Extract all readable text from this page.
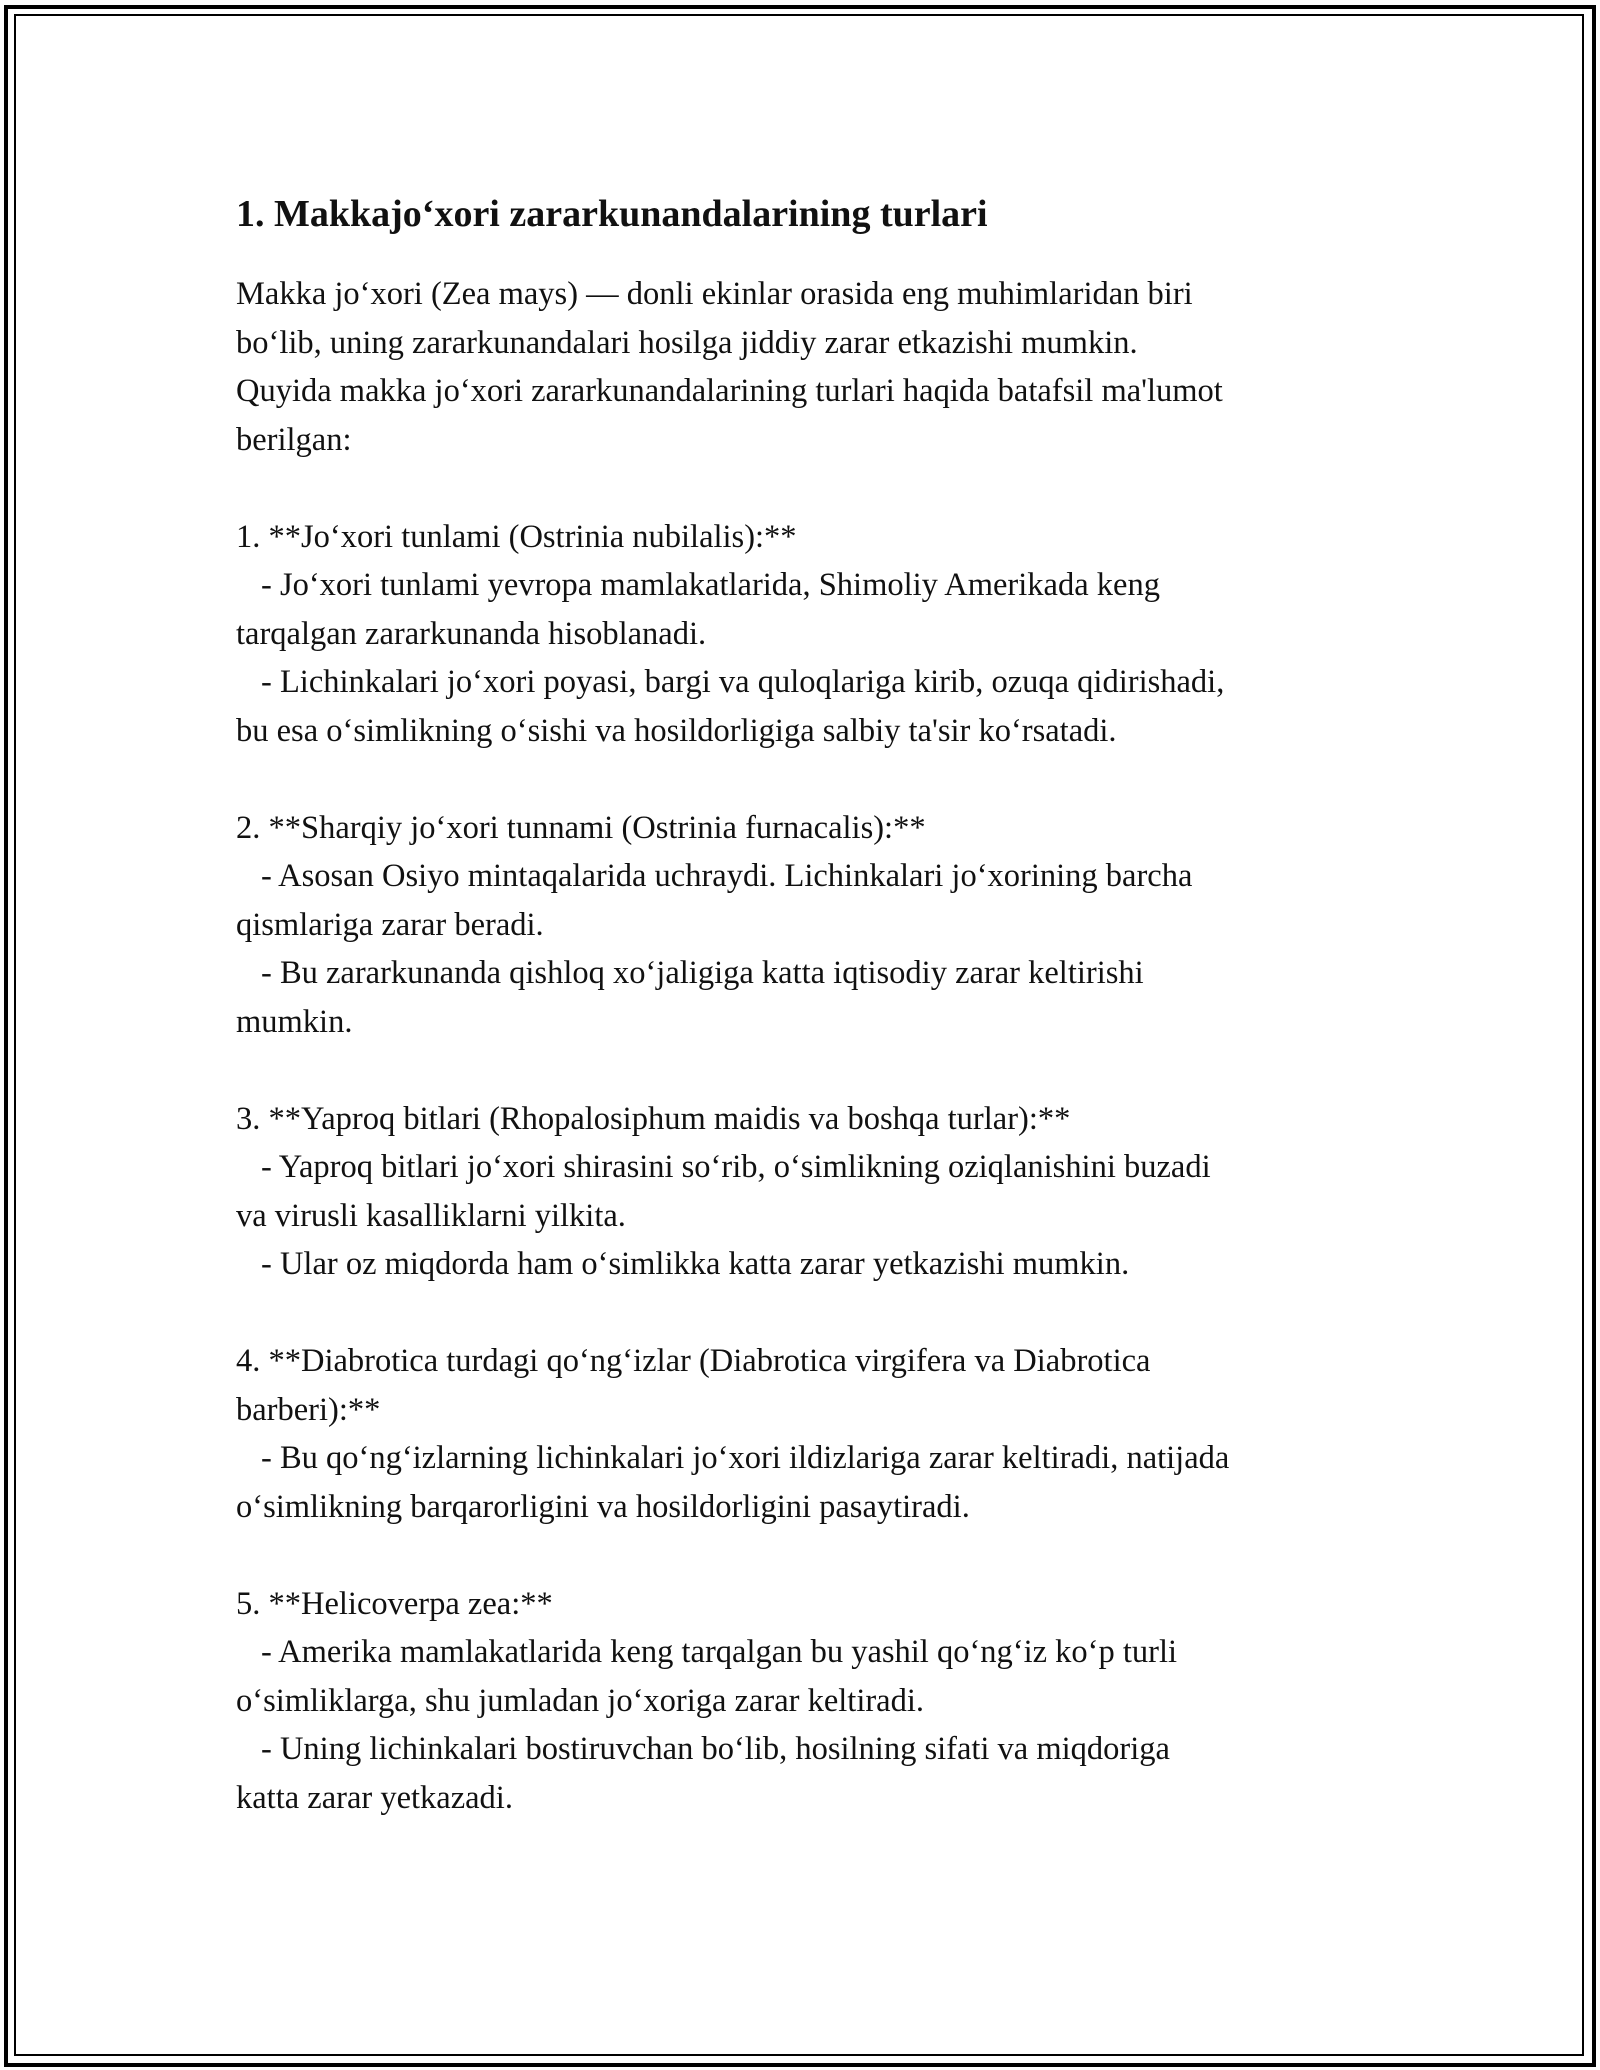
1. Makkajo‘xori zararkunandalarining turlari

Makka jo‘xori (Zea mays) — donli ekinlar orasida eng muhimlaridan biri
bo‘lib, uning zararkunandalari hosilga jiddiy zarar etkazishi mumkin.
Quyida makka jo‘xori zararkunandalarining turlari haqida batafsil ma'lumot
berilgan:

1. **Jo‘xori tunlami (Ostrinia nubilalis):**
- Jo‘xori tunlami yevropa mamlakatlarida, Shimoliy Amerikada keng
tarqalgan zararkunanda hisoblanadi.
- Lichinkalari jo‘xori poyasi, bargi va quloqlariga kirib, ozuqa qidirishadi,
bu esa o‘simlikning o‘sishi va hosildorligiga salbiy ta'sir ko‘rsatadi.

2. **Sharqiy jo‘xori tunnami (Ostrinia furnacalis):**
- Asosan Osiyo mintaqalarida uchraydi. Lichinkalari jo‘xorining barcha
qismlariga zarar beradi.
- Bu zararkunanda qishloq xo‘jaligiga katta iqtisodiy zarar keltirishi
mumkin.

3. **Yaproq bitlari (Rhopalosiphum maidis va boshqa turlar):**
- Yaproq bitlari jo‘xori shirasini so‘rib, o‘simlikning oziqlanishini buzadi
va virusli kasalliklarni yilkita.
- Ular oz miqdorda ham o‘simlikka katta zarar yetkazishi mumkin.

4. **Diabrotica turdagi qo‘ng‘izlar (Diabrotica virgifera va Diabrotica
barberi):**
- Bu qo‘ng‘izlarning lichinkalari jo‘xori ildizlariga zarar keltiradi, natijada
o‘simlikning barqarorligini va hosildorligini pasaytiradi.

5. **Helicoverpa zea:**
- Amerika mamlakatlarida keng tarqalgan bu yashil qo‘ng‘iz ko‘p turli
o‘simliklarga, shu jumladan jo‘xoriga zarar keltiradi.
- Uning lichinkalari bostiruvchan bo‘lib, hosilning sifati va miqdoriga
katta zarar yetkazadi.
